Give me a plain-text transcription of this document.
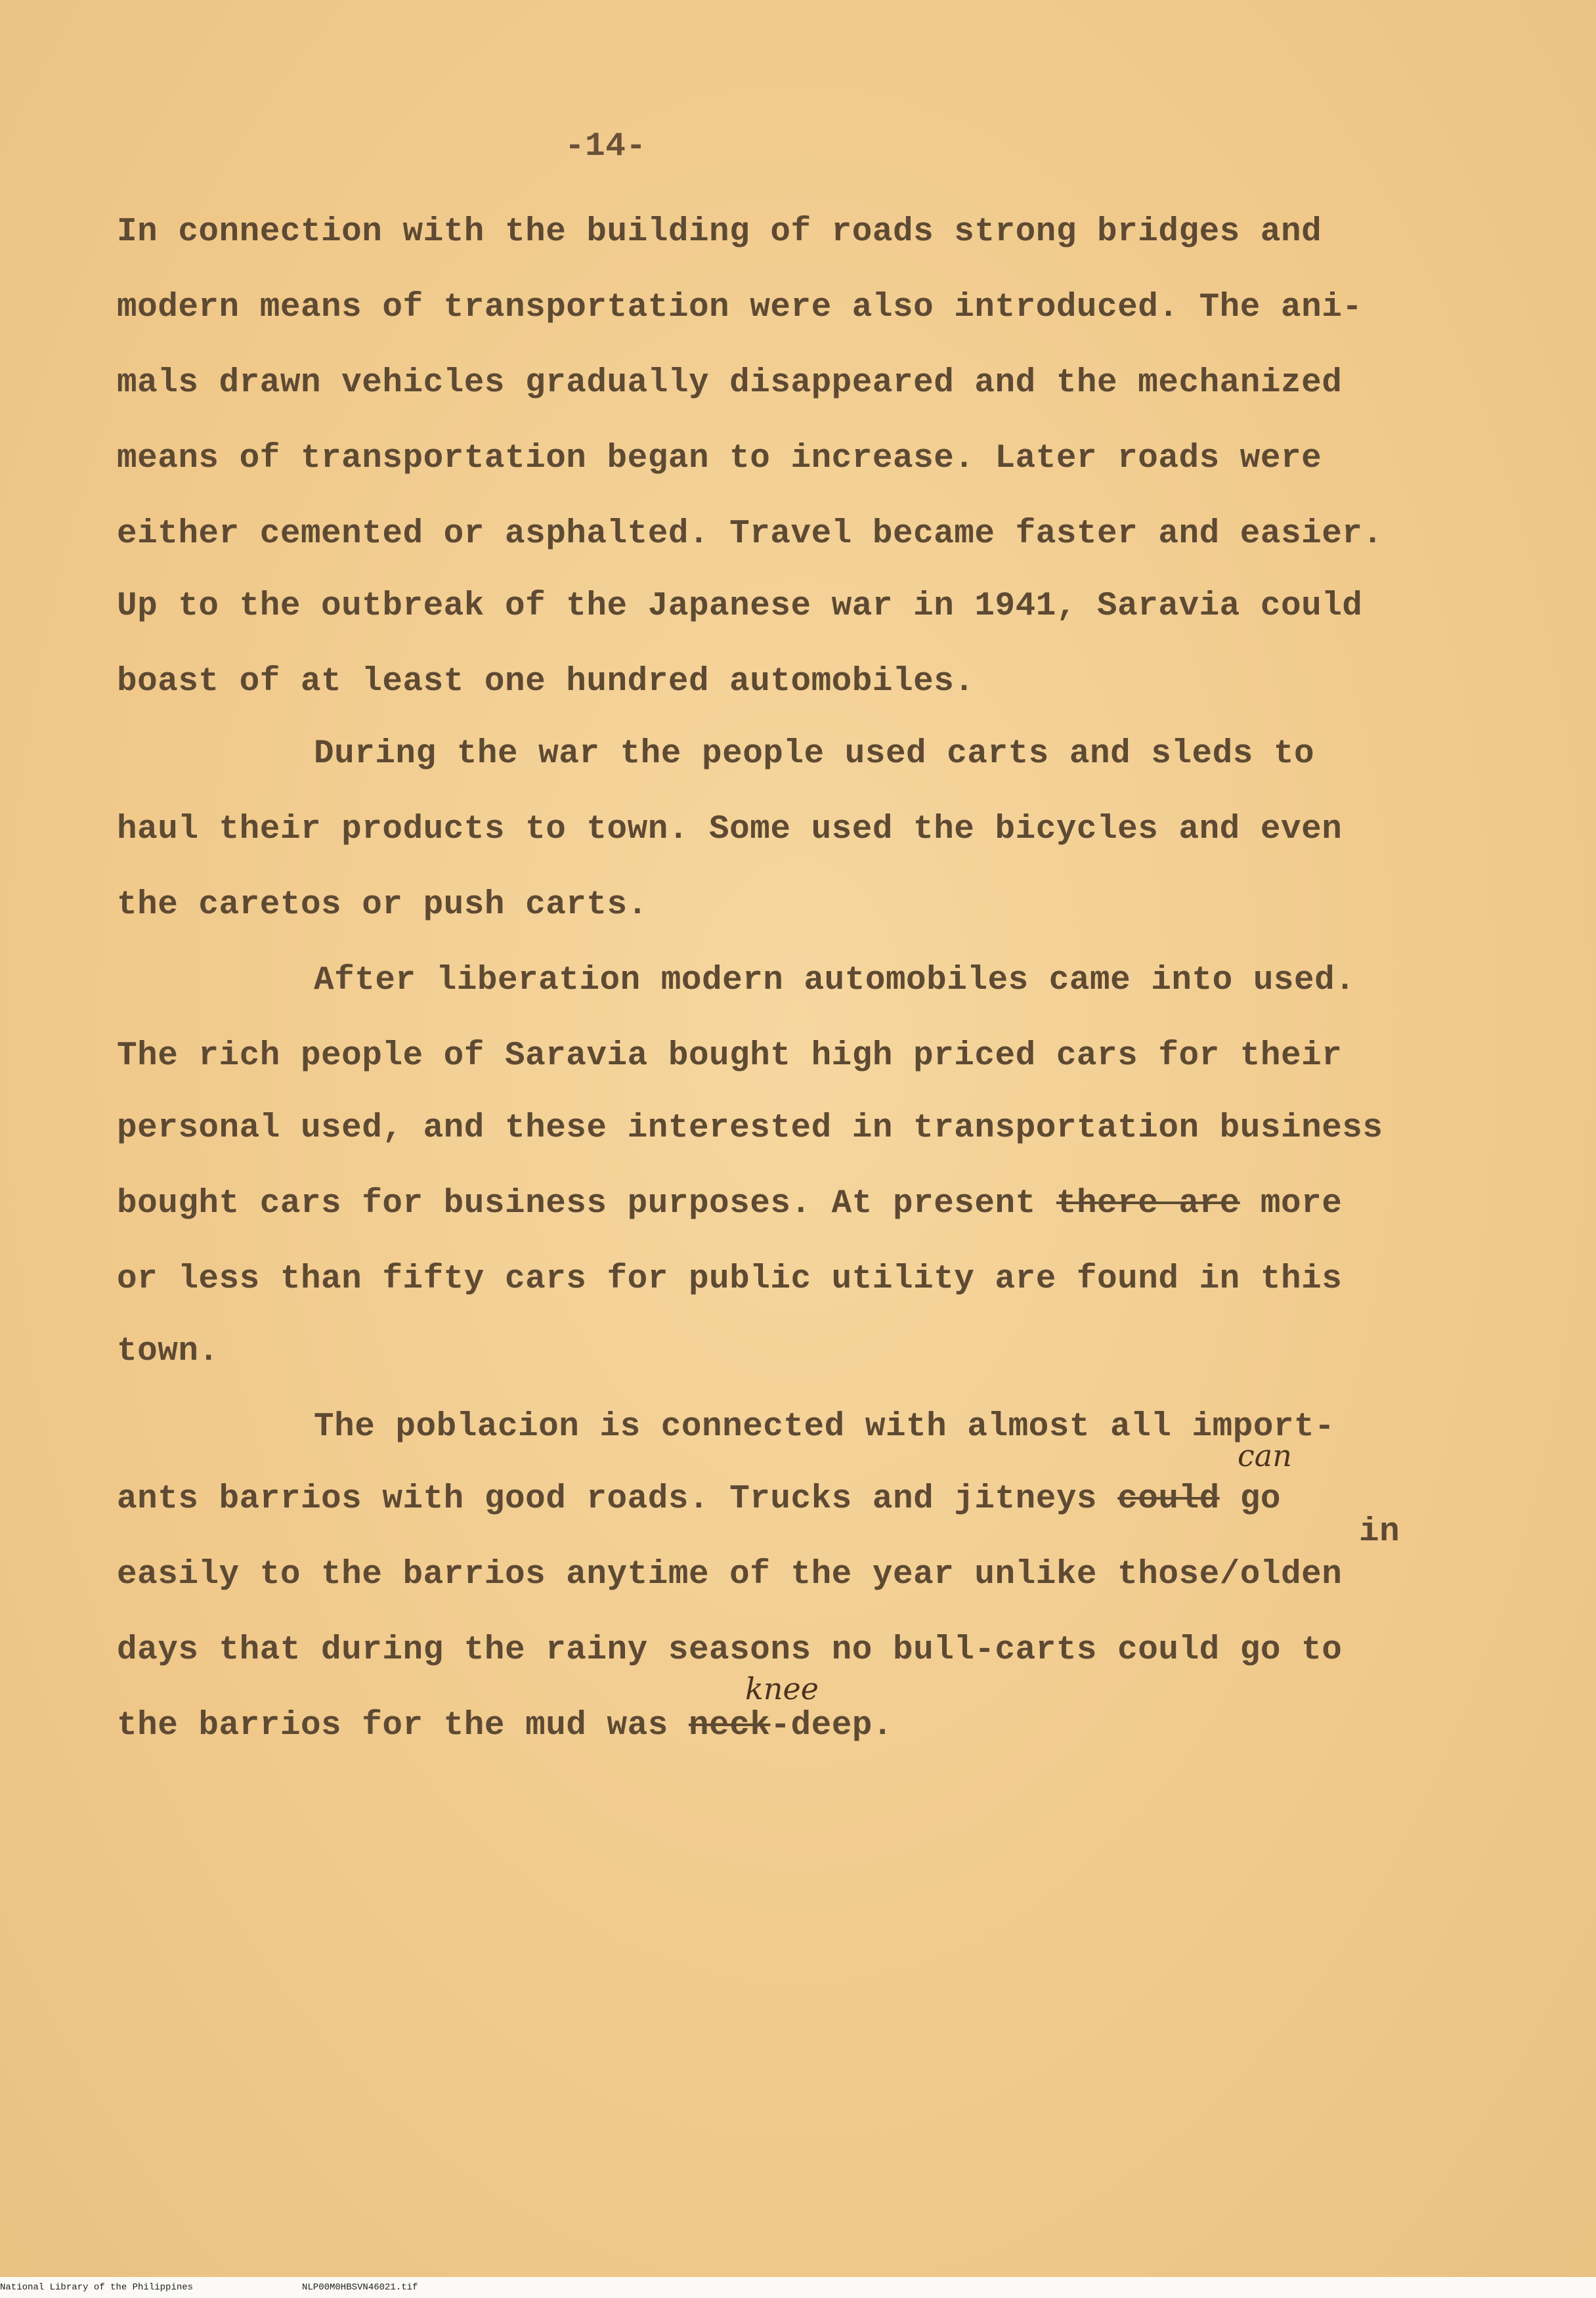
-14-
In connection with the building of roads strong bridges and
modern means of transportation were also introduced. The ani-
mals drawn vehicles gradually disappeared and the mechanized
means of transportation began to increase. Later roads were
either cemented or asphalted. Travel became faster and easier.
Up to the outbreak of the Japanese war in 1941, Saravia could
boast of at least one hundred automobiles.
During the war the people used carts and sleds to
haul their products to town. Some used the bicycles and even
the caretos or push carts.
After liberation modern automobiles came into used.
The rich people of Saravia bought high priced cars for their
personal used, and these interested in transportation business
bought cars for business purposes. At present there are more
or less than fifty cars for public utility are found in this
town.
The poblacion is connected with almost all import-
can
ants barrios with good roads. Trucks and jitneys could go
in
easily to the barrios anytime of the year unlike those/olden
days that during the rainy seasons no bull-carts could go to
knee
the barrios for the mud was neck-deep.
National Library of the Philippines	NLP00M0HBSVN46021.tif
